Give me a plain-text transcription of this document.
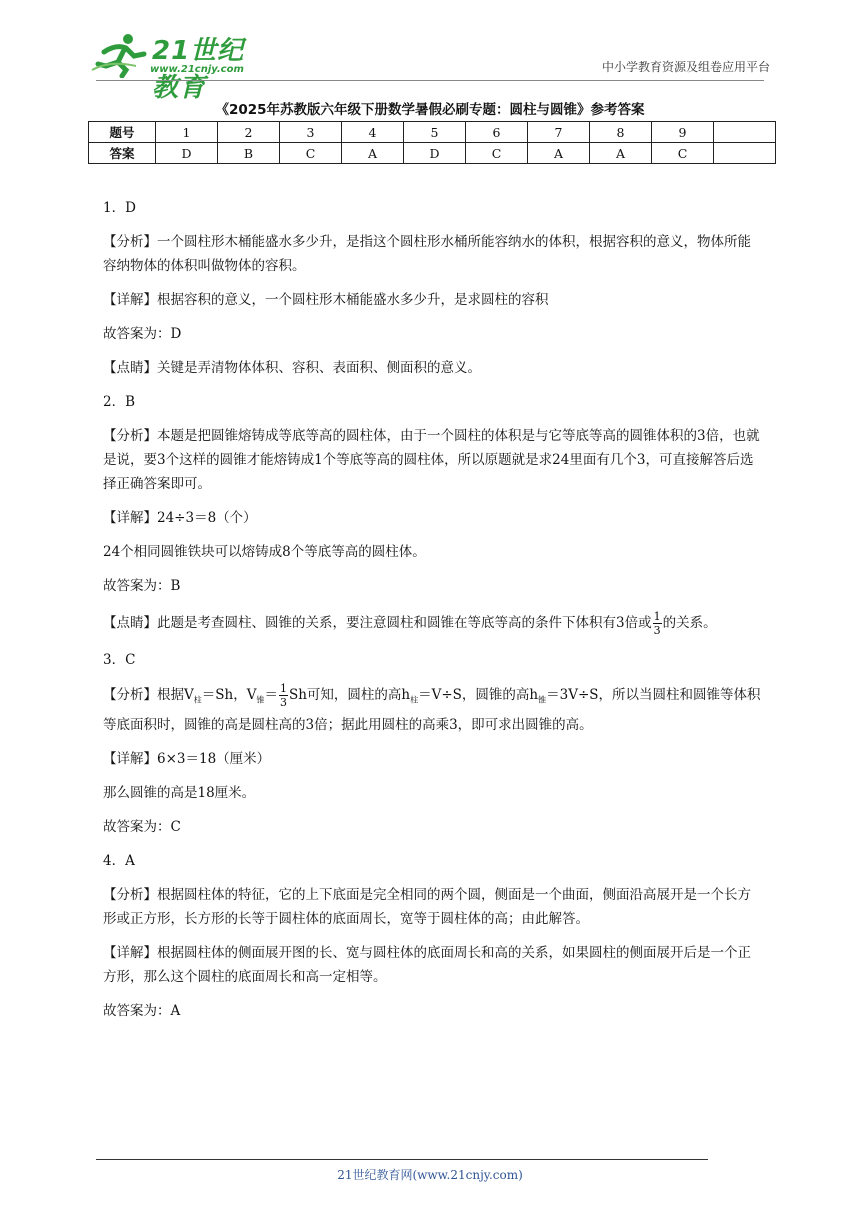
21世纪教育
www.21cnjy.com	中小学教育资源及组卷应用平台
《2025年苏教版六年级下册数学暑假必刷专题：圆柱与圆锥》参考答案
题号	1	2	3	4	5	6	7	8	9	
答案	D	B	C	A	D	C	A	A	C	

1．D

【分析】一个圆柱形木桶能盛水多少升，是指这个圆柱形水桶所能容纳水的体积，根据容积的意义，物体所能容纳物体的体积叫做物体的容积。

【详解】根据容积的意义，一个圆柱形木桶能盛水多少升，是求圆柱的容积

故答案为：D

【点睛】关键是弄清物体体积、容积、表面积、侧面积的意义。

2．B

【分析】本题是把圆锥熔铸成等底等高的圆柱体，由于一个圆柱的体积是与它等底等高的圆锥体积的3倍，也就是说，要3个这样的圆锥才能熔铸成1个等底等高的圆柱体，所以原题就是求24里面有几个3，可直接解答后选择正确答案即可。

【详解】24÷3＝8（个）

24个相同圆锥铁块可以熔铸成8个等底等高的圆柱体。

故答案为：B

【点睛】此题是考查圆柱、圆锥的关系，要注意圆柱和圆锥在等底等高的条件下体积有3倍或 $\frac{1}{3}$ 的关系。

3．C

【分析】根据$V_柱=Sh$，$V_锥= \frac{1}{3}$ Sh可知，圆柱的高$h_柱=V\div S$，圆锥的高$h_锥=3V\div S$，所以当圆柱和圆锥等体积等底面积时，圆锥的高是圆柱高的3倍；据此用圆柱的高乘3，即可求出圆锥的高。

【详解】6×3＝18（厘米）

那么圆锥的高是18厘米。

故答案为：C

4．A

【分析】根据圆柱体的特征，它的上下底面是完全相同的两个圆，侧面是一个曲面，侧面沿高展开是一个长方形或正方形，长方形的长等于圆柱体的底面周长，宽等于圆柱体的高；由此解答。

【详解】根据圆柱体的侧面展开图的长、宽与圆柱体的底面周长和高的关系，如果圆柱的侧面展开后是一个正方形，那么这个圆柱的底面周长和高一定相等。

故答案为：A

21世纪教育网(www.21cnjy.com)
